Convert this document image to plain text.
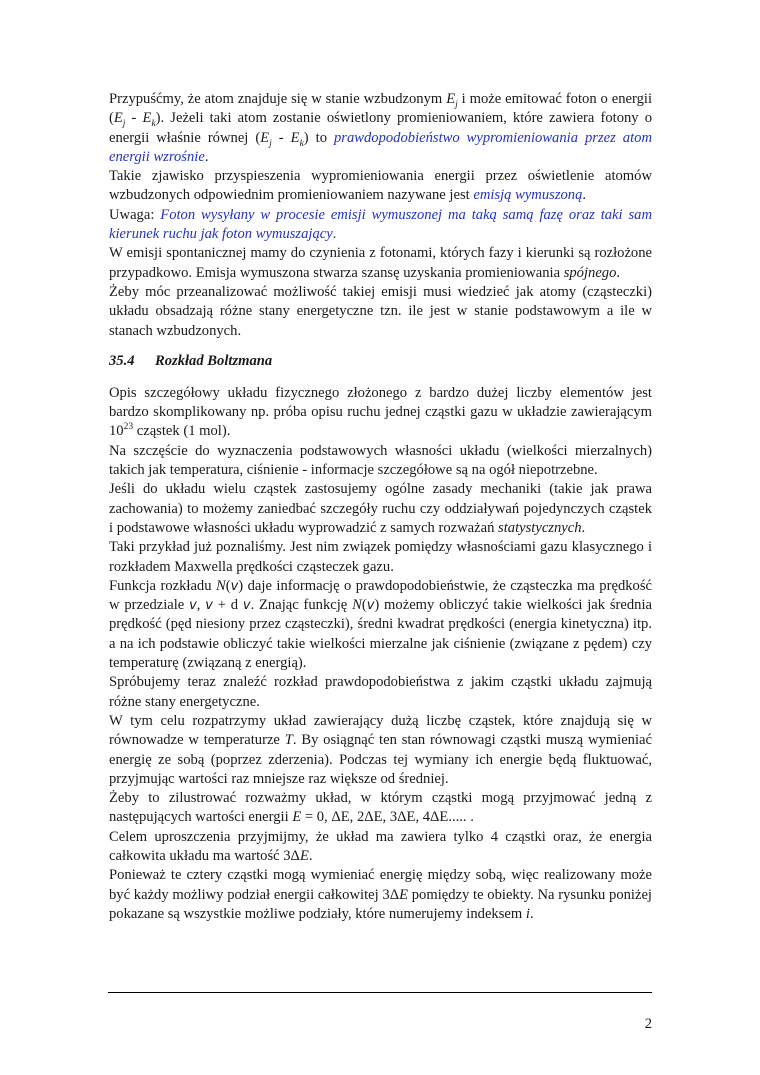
Przypuśćmy, że atom znajduje się w stanie wzbudzonym $E_j$ i może emitować foton o energii $(E_j - E_k)$. Jeżeli taki atom zostanie oświetlony promieniowaniem, które zawiera fotony o energii właśnie równej $(E_j - E_k)$ to prawdopodobieństwo wypromieniowania przez atom energii wzrośnie.

Takie zjawisko przyspieszenia wypromieniowania energii przez oświetlenie atomów wzbudzonych odpowiednim promieniowaniem nazywane jest emisją wymuszoną.

Uwaga: Foton wysyłany w procesie emisji wymuszonej ma taką samą fazę oraz taki sam kierunek ruchu jak foton wymuszający.

W emisji spontanicznej mamy do czynienia z fotonami, których fazy i kierunki są rozłożone przypadkowo. Emisja wymuszona stwarza szansę uzyskania promieniowania spójnego.

Żeby móc przeanalizować możliwość takiej emisji musi wiedzieć jak atomy (cząsteczki) układu obsadzają różne stany energetyczne tzn. ile jest w stanie podstawowym a ile w stanach wzbudzonych.

35.4 Rozkład Boltzmana

Opis szczegółowy układu fizycznego złożonego z bardzo dużej liczby elementów jest bardzo skomplikowany np. próba opisu ruchu jednej cząstki gazu w układzie zawierającym $10^{23}$ cząstek (1 mol).

Na szczęście do wyznaczenia podstawowych własności układu (wielkości mierzalnych) takich jak temperatura, ciśnienie - informacje szczegółowe są na ogół niepotrzebne.

Jeśli do układu wielu cząstek zastosujemy ogólne zasady mechaniki (takie jak prawa zachowania) to możemy zaniedbać szczegóły ruchu czy oddziaływań pojedynczych cząstek i podstawowe własności układu wyprowadzić z samych rozważań statystycznych.

Taki przykład już poznaliśmy. Jest nim związek pomiędzy własnościami gazu klasycznego i rozkładem Maxwella prędkości cząsteczek gazu.

Funkcja rozkładu N(v) daje informację o prawdopodobieństwie, że cząsteczka ma prędkość w przedziale v, v + d v. Znając funkcję N(v) możemy obliczyć takie wielkości jak średnia prędkość (pęd niesiony przez cząsteczki), średni kwadrat prędkości (energia kinetyczna) itp. a na ich podstawie obliczyć takie wielkości mierzalne jak ciśnienie (związane z pędem) czy temperaturę (związaną z energią).

Spróbujemy teraz znaleźć rozkład prawdopodobieństwa z jakim cząstki układu zajmują różne stany energetyczne.

W tym celu rozpatrzymy układ zawierający dużą liczbę cząstek, które znajdują się w równowadze w temperaturze T. By osiągnąć ten stan równowagi cząstki muszą wymieniać energię ze sobą (poprzez zderzenia). Podczas tej wymiany ich energie będą fluktuować, przyjmując wartości raz mniejsze raz większe od średniej.

Żeby to zilustrować rozważmy układ, w którym cząstki mogą przyjmować jedną z następujących wartości energii E = 0, ΔE, 2ΔE, 3ΔE, 4ΔE..... .

Celem uproszczenia przyjmijmy, że układ ma zawiera tylko 4 cząstki oraz, że energia całkowita układu ma wartość 3ΔE.

Ponieważ te cztery cząstki mogą wymieniać energię między sobą, więc realizowany może być każdy możliwy podział energii całkowitej 3ΔE pomiędzy te obiekty. Na rysunku poniżej pokazane są wszystkie możliwe podziały, które numerujemy indeksem i.

2
